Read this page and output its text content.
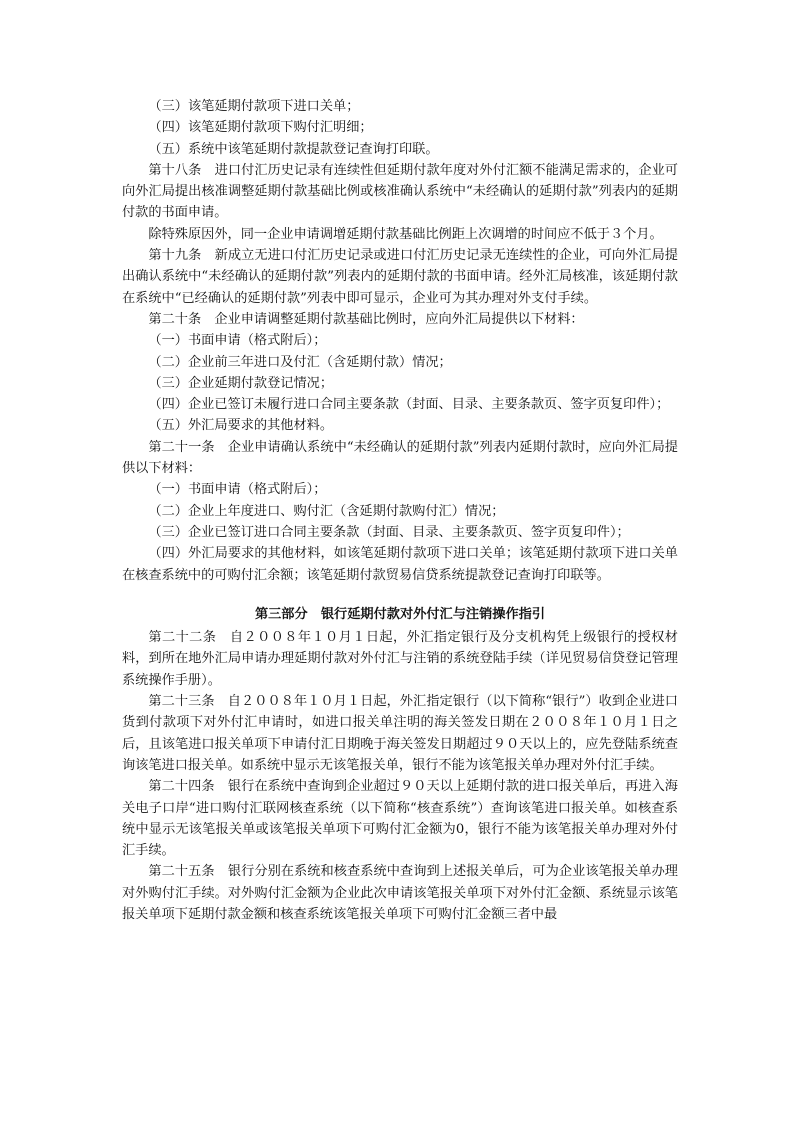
（三）该笔延期付款项下进口关单；

（四）该笔延期付款项下购付汇明细；

（五）系统中该笔延期付款提款登记查询打印联。

第十八条　进口付汇历史记录有连续性但延期付款年度对外付汇额不能满足需求的，企业可向外汇局提出核准调整延期付款基础比例或核准确认系统中“未经确认的延期付款”列表内的延期付款的书面申请。

除特殊原因外，同一企业申请调增延期付款基础比例距上次调增的时间应不低于３个月。

第十九条　新成立无进口付汇历史记录或进口付汇历史记录无连续性的企业，可向外汇局提出确认系统中“未经确认的延期付款”列表内的延期付款的书面申请。经外汇局核准，该延期付款在系统中“已经确认的延期付款”列表中即可显示，企业可为其办理对外支付手续。

第二十条　企业申请调整延期付款基础比例时，应向外汇局提供以下材料：

（一）书面申请（格式附后）；

（二）企业前三年进口及付汇（含延期付款）情况；

（三）企业延期付款登记情况；

（四）企业已签订未履行进口合同主要条款（封面、目录、主要条款页、签字页复印件）；

（五）外汇局要求的其他材料。

第二十一条　企业申请确认系统中“未经确认的延期付款”列表内延期付款时，应向外汇局提供以下材料：

（一）书面申请（格式附后）；

（二）企业上年度进口、购付汇（含延期付款购付汇）情况；

（三）企业已签订进口合同主要条款（封面、目录、主要条款页、签字页复印件）；

（四）外汇局要求的其他材料，如该笔延期付款项下进口关单；该笔延期付款项下进口关单在核查系统中的可购付汇余额；该笔延期付款贸易信贷系统提款登记查询打印联等。

第三部分　银行延期付款对外付汇与注销操作指引

第二十二条　自２００８年１０月１日起，外汇指定银行及分支机构凭上级银行的授权材料，到所在地外汇局申请办理延期付款对外付汇与注销的系统登陆手续（详见贸易信贷登记管理系统操作手册）。

第二十三条　自２００８年１０月１日起，外汇指定银行（以下简称“银行”）收到企业进口货到付款项下对外付汇申请时，如进口报关单注明的海关签发日期在２００８年１０月１日之后，且该笔进口报关单项下申请付汇日期晚于海关签发日期超过９０天以上的，应先登陆系统查询该笔进口报关单。如系统中显示无该笔报关单，银行不能为该笔报关单办理对外付汇手续。

第二十四条　银行在系统中查询到企业超过９０天以上延期付款的进口报关单后，再进入海关电子口岸“进口购付汇联网核查系统（以下简称“核查系统”）查询该笔进口报关单。如核查系统中显示无该笔报关单或该笔报关单项下可购付汇金额为0，银行不能为该笔报关单办理对外付汇手续。

第二十五条　银行分别在系统和核查系统中查询到上述报关单后，可为企业该笔报关单办理对外购付汇手续。对外购付汇金额为企业此次申请该笔报关单项下对外付汇金额、系统显示该笔报关单项下延期付款金额和核查系统该笔报关单项下可购付汇金额三者中最
